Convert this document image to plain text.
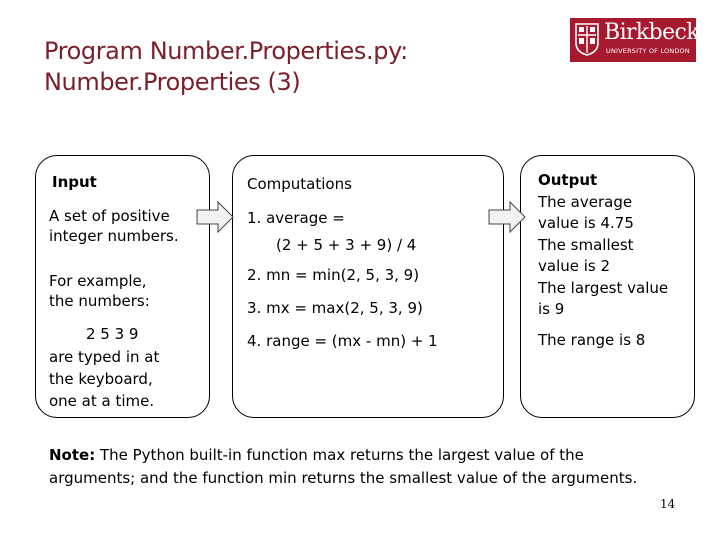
Program Number.Properties.py:
Number.Properties (3)
Birkbeck
UNIVERSITY OF LONDON
Input
A set of positive
integer numbers.
For example,
the numbers:
2 5 3 9
are typed in at
the keyboard,
one at a time.
Computations
1. average =
(2 + 5 + 3 + 9) / 4
2. mn = min(2, 5, 3, 9)
3. mx = max(2, 5, 3, 9)
4. range = (mx - mn) + 1
Output
The average
value is 4.75
The smallest
value is 2
The largest value
is 9
The range is 8
Note: The Python built-in function max returns the largest value of the
arguments; and the function min returns the smallest value of the arguments.
14
